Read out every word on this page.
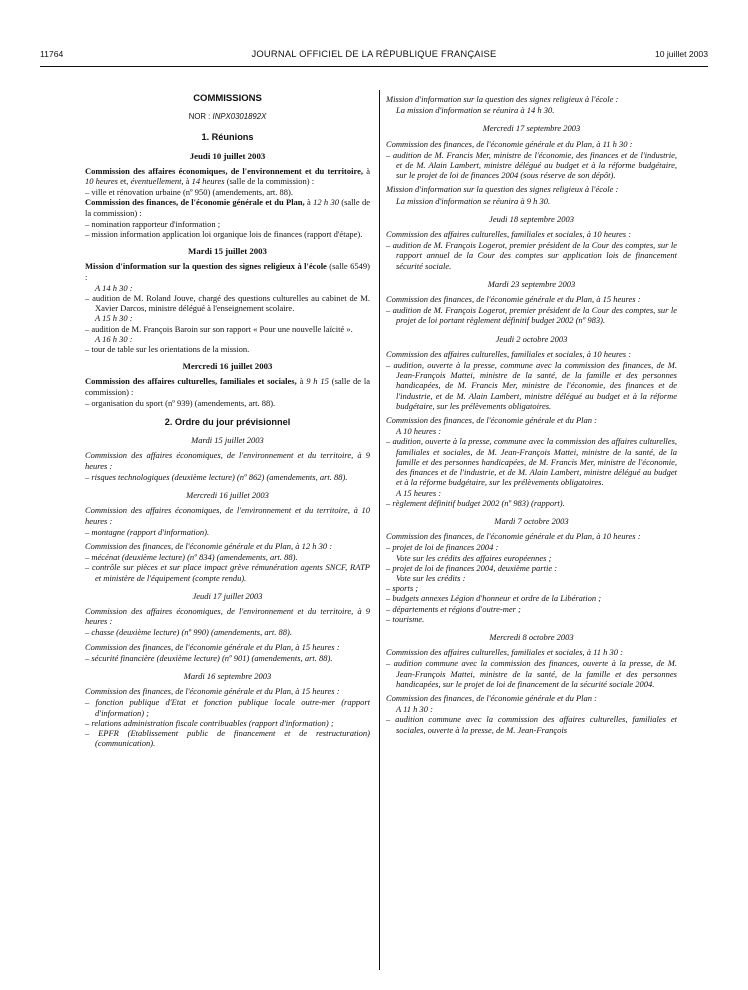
11764	JOURNAL OFFICIEL DE LA RÉPUBLIQUE FRANÇAISE	10 juillet 2003

COMMISSIONS

NOR : INPX0301892X

1. Réunions

Jeudi 10 juillet 2003

Commission des affaires économiques, de l'environnement et du territoire, à 10 heures et, éventuellement, à 14 heures (salle de la commission) :

– ville et rénovation urbaine (nº 950) (amendements, art. 88).

Commission des finances, de l'économie générale et du Plan, à 12 h 30 (salle de la commission) :

– nomination rapporteur d'information ;

– mission information application loi organique lois de finances (rapport d'étape).

Mardi 15 juillet 2003

Mission d'information sur la question des signes religieux à l'école (salle 6549) :

A 14 h 30 :

– audition de M. Roland Jouve, chargé des questions culturelles au cabinet de M. Xavier Darcos, ministre délégué à l'enseignement scolaire.

A 15 h 30 :

– audition de M. François Baroin sur son rapport « Pour une nouvelle laïcité ».

A 16 h 30 :

– tour de table sur les orientations de la mission.

Mercredi 16 juillet 2003

Commission des affaires culturelles, familiales et sociales, à 9 h 15 (salle de la commission) :

– organisation du sport (nº 939) (amendements, art. 88).

2. Ordre du jour prévisionnel

Mardi 15 juillet 2003

Commission des affaires économiques, de l'environnement et du territoire, à 9 heures :

– risques technologiques (deuxième lecture) (nº 862) (amendements, art. 88).

Mercredi 16 juillet 2003

Commission des affaires économiques, de l'environnement et du territoire, à 10 heures :

– montagne (rapport d'information).

Commission des finances, de l'économie générale et du Plan, à 12 h 30 :

– mécénat (deuxième lecture) (nº 834) (amendements, art. 88).

– contrôle sur pièces et sur place impact grève rémunération agents SNCF, RATP et ministère de l'équipement (compte rendu).

Jeudi 17 juillet 2003

Commission des affaires économiques, de l'environnement et du territoire, à 9 heures :

– chasse (deuxième lecture) (nº 990) (amendements, art. 88).

Commission des finances, de l'économie générale et du Plan, à 15 heures :

– sécurité financière (deuxième lecture) (nº 901) (amendements, art. 88).

Mardi 16 septembre 2003

Commission des finances, de l'économie générale et du Plan, à 15 heures :

– fonction publique d'Etat et fonction publique locale outre-mer (rapport d'information) ;

– relations administration fiscale contribuables (rapport d'information) ;

– EPFR (Etablissement public de financement et de restructuration) (communication).

Mission d'information sur la question des signes religieux à l'école :

La mission d'information se réunira à 14 h 30.

Mercredi 17 septembre 2003

Commission des finances, de l'économie générale et du Plan, à 11 h 30 :

– audition de M. Francis Mer, ministre de l'économie, des finances et de l'industrie, et de M. Alain Lambert, ministre délégué au budget et à la réforme budgétaire, sur le projet de loi de finances 2004 (sous réserve de son dépôt).

Mission d'information sur la question des signes religieux à l'école :

La mission d'information se réunira à 9 h 30.

Jeudi 18 septembre 2003

Commission des affaires culturelles, familiales et sociales, à 10 heures :

– audition de M. François Logerot, premier président de la Cour des comptes, sur le rapport annuel de la Cour des comptes sur application lois de financement sécurité sociale.

Mardi 23 septembre 2003

Commission des finances, de l'économie générale et du Plan, à 15 heures :

– audition de M. François Logerot, premier président de la Cour des comptes, sur le projet de loi portant règlement définitif budget 2002 (nº 983).

Jeudi 2 octobre 2003

Commission des affaires culturelles, familiales et sociales, à 10 heures :

– audition, ouverte à la presse, commune avec la commission des finances, de M. Jean-François Mattei, ministre de la santé, de la famille et des personnes handicapées, de M. Francis Mer, ministre de l'économie, des finances et de l'industrie, et de M. Alain Lambert, ministre délégué au budget et à la réforme budgétaire, sur les prélèvements obligatoires.

Commission des finances, de l'économie générale et du Plan :

A 10 heures :

– audition, ouverte à la presse, commune avec la commission des affaires culturelles, familiales et sociales, de M. Jean-François Mattei, ministre de la santé, de la famille et des personnes handicapées, de M. Francis Mer, ministre de l'économie, des finances et de l'industrie, et de M. Alain Lambert, ministre délégué au budget et à la réforme budgétaire, sur les prélèvements obligatoires.

A 15 heures :

– règlement définitif budget 2002 (nº 983) (rapport).

Mardi 7 octobre 2003

Commission des finances, de l'économie générale et du Plan, à 10 heures :

– projet de loi de finances 2004 :

Vote sur les crédits des affaires européennes ;

– projet de loi de finances 2004, deuxième partie :

Vote sur les crédits :

– sports ;

– budgets annexes Légion d'honneur et ordre de la Libération ;

– départements et régions d'outre-mer ;

– tourisme.

Mercredi 8 octobre 2003

Commission des affaires culturelles, familiales et sociales, à 11 h 30 :

– audition commune avec la commission des finances, ouverte à la presse, de M. Jean-François Mattei, ministre de la santé, de la famille et des personnes handicapées, sur le projet de loi de financement de la sécurité sociale 2004.

Commission des finances, de l'économie générale et du Plan :

A 11 h 30 :

– audition commune avec la commission des affaires culturelles, familiales et sociales, ouverte à la presse, de M. Jean-François
